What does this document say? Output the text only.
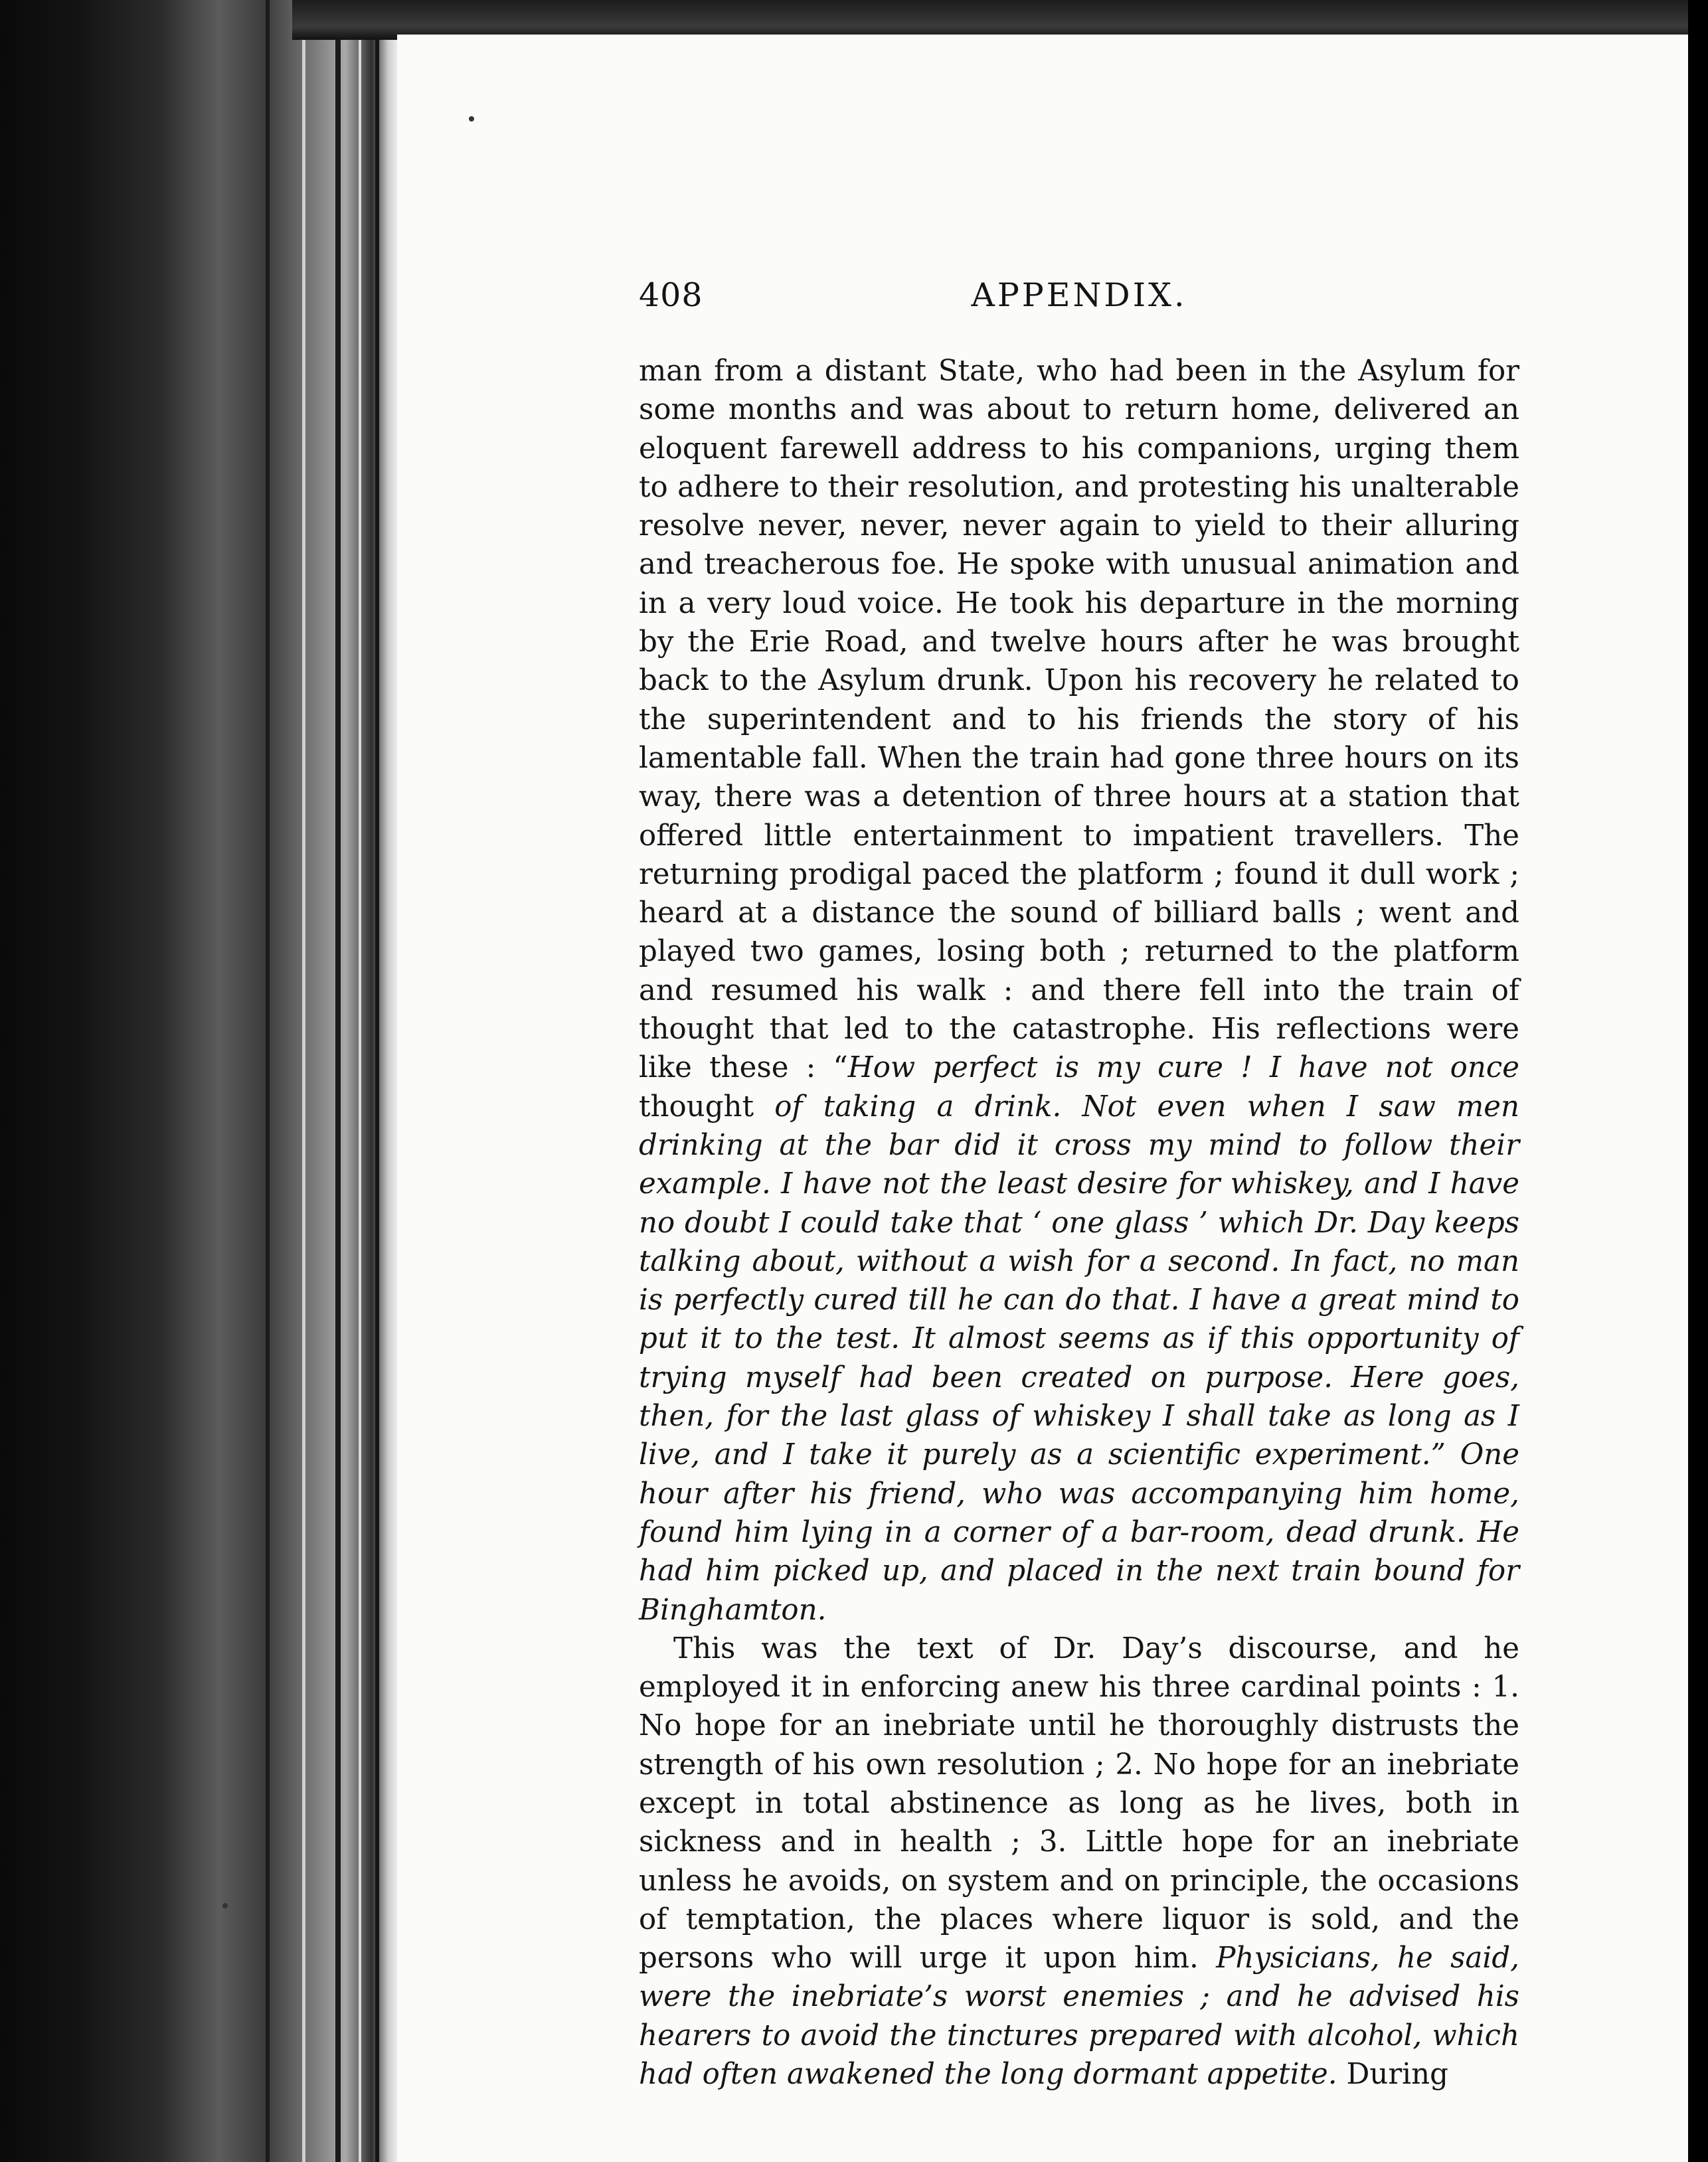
408	APPENDIX.

man from a distant State, who had been in the Asylum for some months and was about to return home, delivered an eloquent farewell address to his companions, urging them to adhere to their resolution, and protesting his unalterable resolve never, never, never again to yield to their alluring and treacherous foe. He spoke with unusual animation and in a very loud voice. He took his departure in the morning by the Erie Road, and twelve hours after he was brought back to the Asylum drunk. Upon his recovery he related to the superintendent and to his friends the story of his lamentable fall. When the train had gone three hours on its way, there was a detention of three hours at a station that offered little entertainment to impatient travellers. The returning prodigal paced the platform ; found it dull work ; heard at a distance the sound of billiard balls ; went and played two games, losing both ; returned to the platform and resumed his walk : and there fell into the train of thought that led to the catastrophe. His reflections were like these : “How perfect is my cure ! I have not once thought of taking a drink. Not even when I saw men drinking at the bar did it cross my mind to follow their example. I have not the least desire for whiskey, and I have no doubt I could take that ‘ one glass ’ which Dr. Day keeps talking about, without a wish for a second. In fact, no man is perfectly cured till he can do that. I have a great mind to put it to the test. It almost seems as if this opportunity of trying myself had been created on purpose. Here goes, then, for the last glass of whiskey I shall take as long as I live, and I take it purely as a scientific experiment.” One hour after his friend, who was accompanying him home, found him lying in a corner of a bar-room, dead drunk. He had him picked up, and placed in the next train bound for Binghamton.

This was the text of Dr. Day’s discourse, and he employed it in enforcing anew his three cardinal points : 1. No hope for an inebriate until he thoroughly distrusts the strength of his own resolution ; 2. No hope for an inebriate except in total abstinence as long as he lives, both in sickness and in health ; 3. Little hope for an inebriate unless he avoids, on system and on principle, the occasions of temptation, the places where liquor is sold, and the persons who will urge it upon him. Physicians, he said, were the inebriate’s worst enemies ; and he advised his hearers to avoid the tinctures prepared with alcohol, which had often awakened the long dormant appetite. During
